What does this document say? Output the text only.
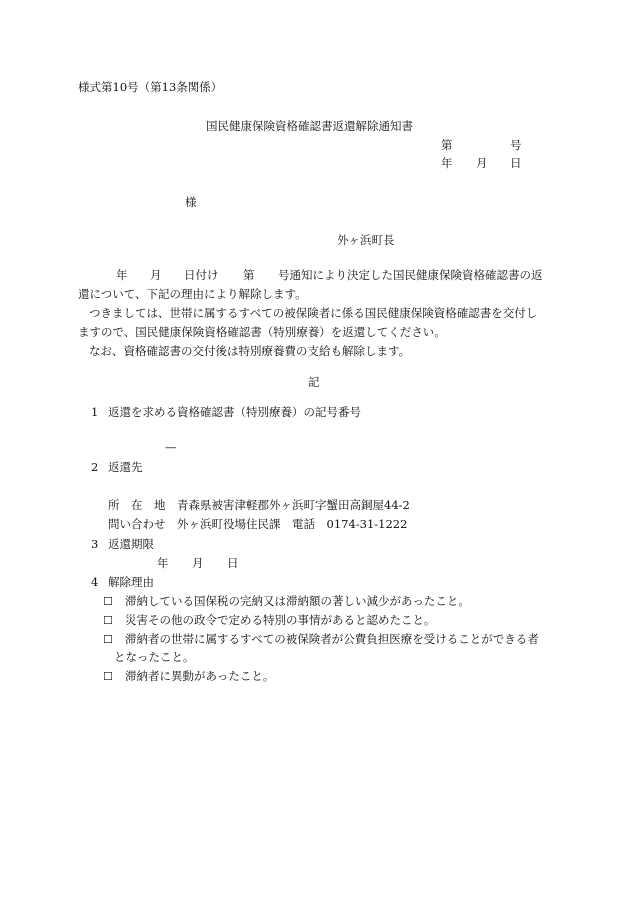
様式第10号（第13条関係）
国民健康保険資格確認書返還解除通知書
第	号
年 月 日
様
外ヶ浜町長
年 月 日付け 第 号通知により決定した国民健康保険資格確認書の返
還について、下記の理由により解除します。
つきましては、世帯に属するすべての被保険者に係る国民健康保険資格確認書を交付し
ますので、国民健康保険資格確認書（特別療養）を返還してください。
なお、資格確認書の交付後は特別療養費の支給も解除します。
記
1 返還を求める資格確認書（特別療養）の記号番号
—
2 返還先
所　在　地 青森県被害津軽郡外ヶ浜町字蟹田高銅屋44-2
問い合わせ 外ヶ浜町役場住民課　電話　0174-31-1222
3 返還期限
年 月 日
4 解除理由
☐ 滞納している国保税の完納又は滞納額の著しい減少があったこと。
☐ 災害その他の政令で定める特別の事情があると認めたこと。
☐ 滞納者の世帯に属するすべての被保険者が公費負担医療を受けることができる者
となったこと。
☐ 滞納者に異動があったこと。
